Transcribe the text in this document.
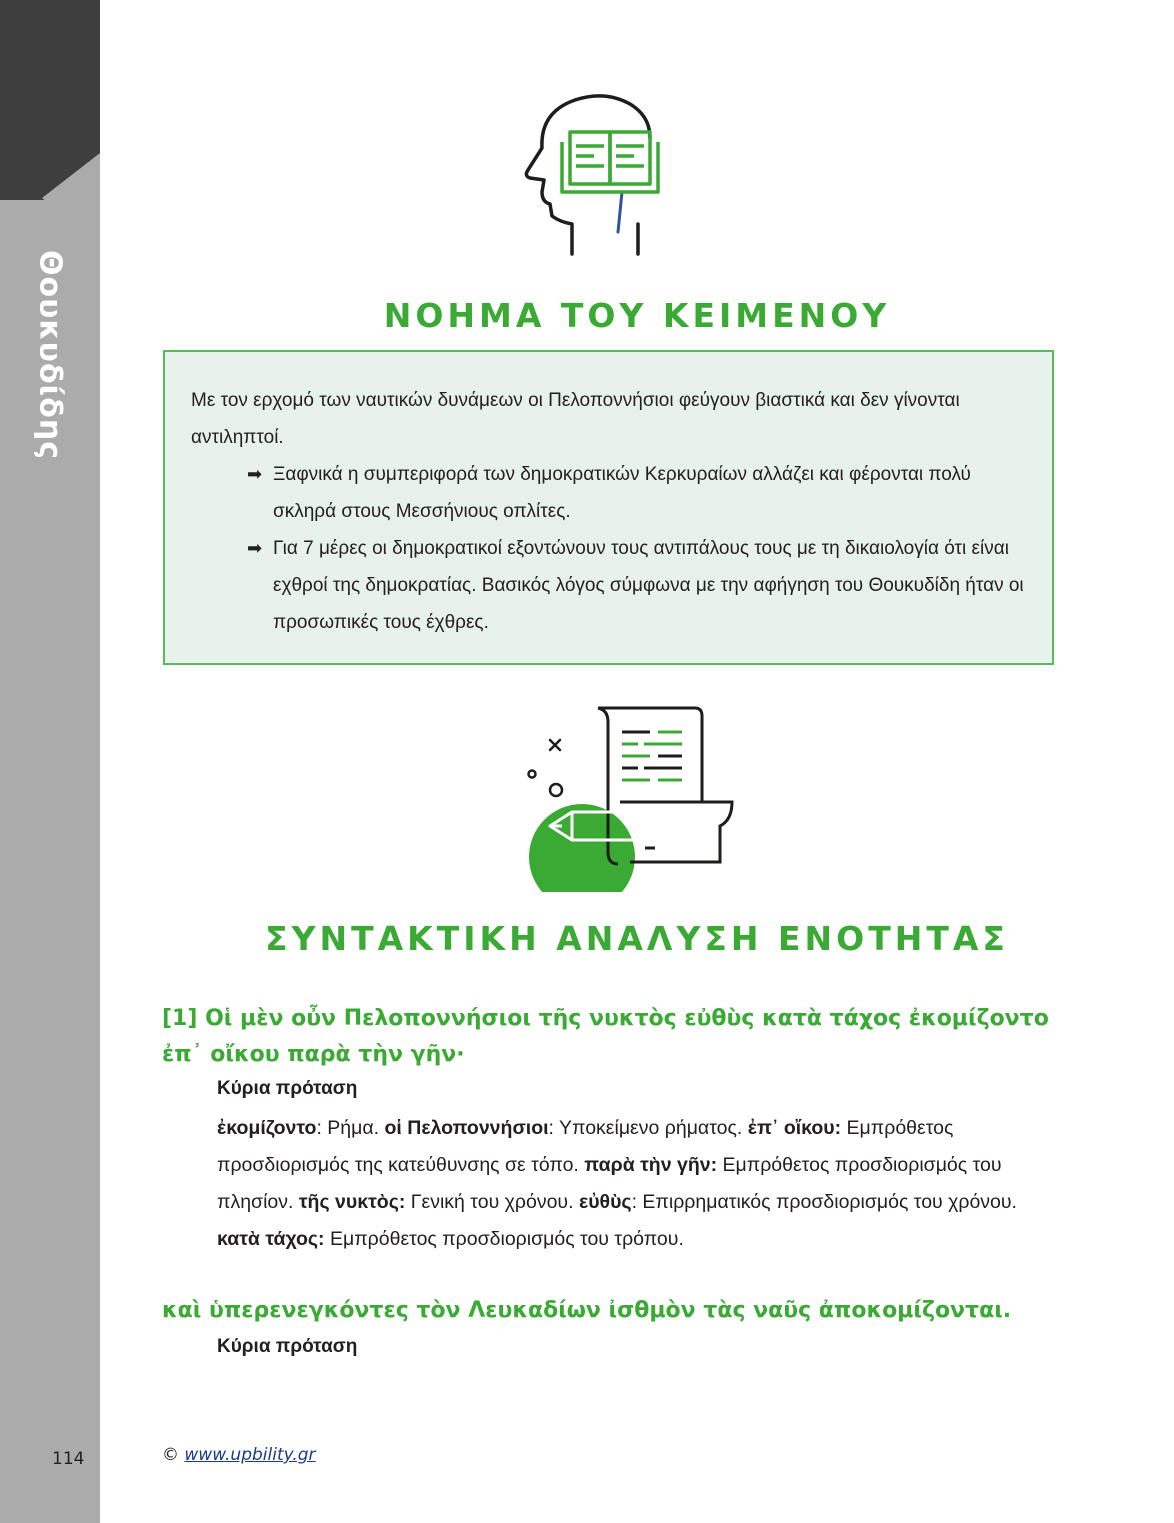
Θουκυδίδης
114
ΝΟΗΜΑ ΤΟΥ ΚΕΙΜΕΝΟΥ

Με τον ερχομό των ναυτικών δυνάμεων οι Πελοποννήσιοι φεύγουν βιαστικά και δεν γίνονται αντιληπτοί.

➡ Ξαφνικά η συμπεριφορά των δημοκρατικών Κερκυραίων αλλάζει και φέρονται πολύ σκληρά στους Μεσσήνιους οπλίτες.

➡ Για 7 μέρες οι δημοκρατικοί εξοντώνουν τους αντιπάλους τους με τη δικαιολογία ότι είναι εχθροί της δημοκρατίας. Βασικός λόγος σύμφωνα με την αφήγηση του Θουκυδίδη ήταν οι προσωπικές τους έχθρες.

ΣΥΝΤΑΚΤΙΚΗ ΑΝΑΛΥΣΗ ΕΝΟΤΗΤΑΣ
[1] Οἱ μὲν οὖν Πελοποννήσιοι τῆς νυκτὸς εὐθὺς κατὰ τάχος ἐκομίζοντο ἐπ᾽ οἴκου παρὰ τὴν γῆν·
Κύρια πρόταση
ἐκομίζοντο: Ρήμα. οἱ Πελοποννήσιοι: Υποκείμενο ρήματος. ἐπ᾽ οἴκου: Εμπρόθετος προσδιορισμός της κατεύθυνσης σε τόπο. παρὰ τὴν γῆν: Εμπρόθετος προσδιορισμός του πλησίον. τῆς νυκτὸς: Γενική του χρόνου. εὐθὺς: Επιρρηματικός προσδιορισμός του χρόνου. κατὰ τάχος: Εμπρόθετος προσδιορισμός του τρόπου.
καὶ ὑπερενεγκόντες τὸν Λευκαδίων ἰσθμὸν τὰς ναῦς ἀποκομίζονται.
Κύρια πρόταση
© www.upbility.gr
